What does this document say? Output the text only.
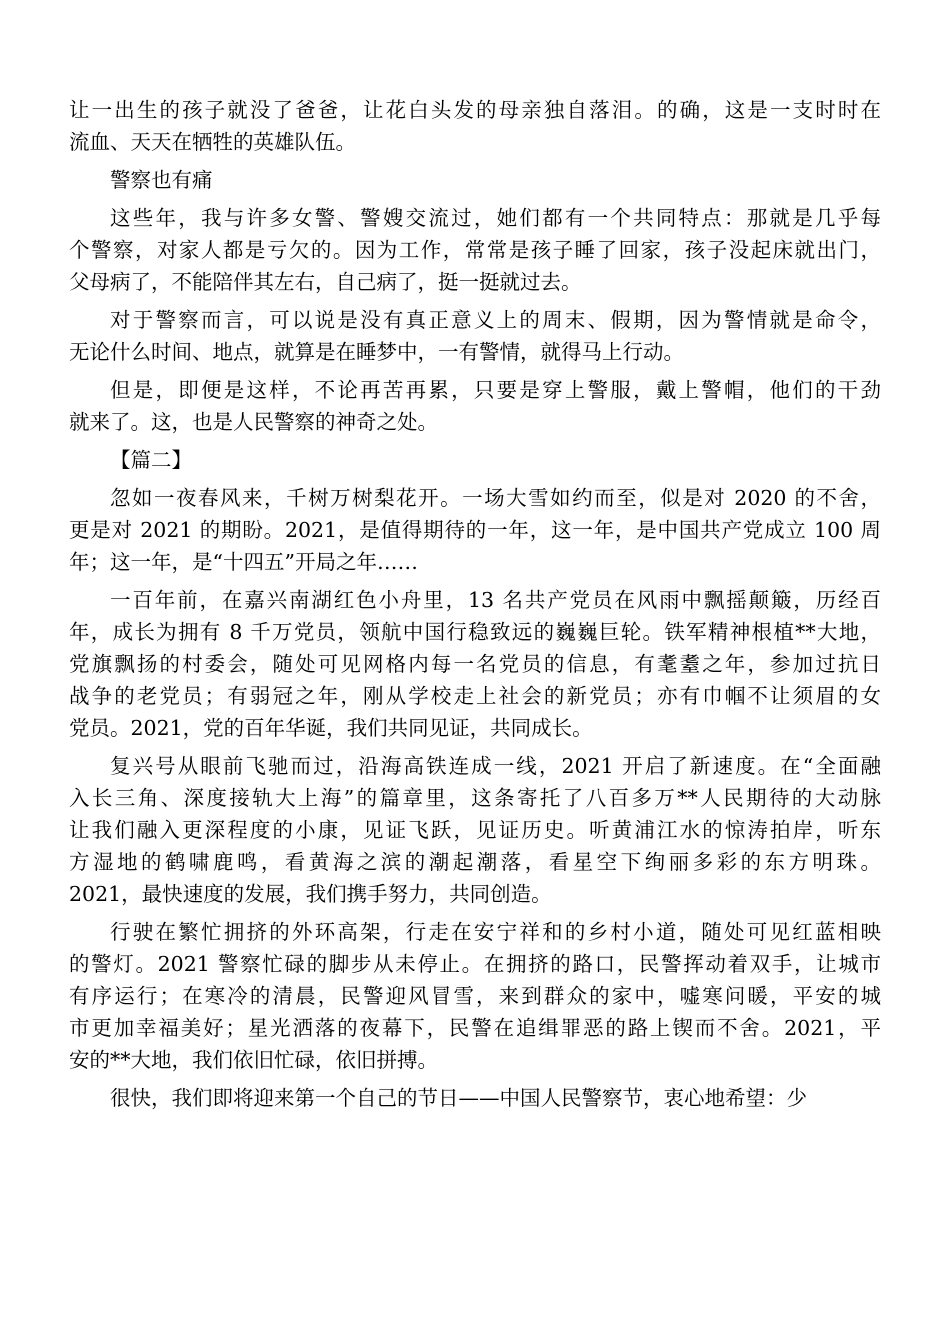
让一出生的孩子就没了爸爸，让花白头发的母亲独自落泪。的确，这是一支时时在
流血、天天在牺牲的英雄队伍。
警察也有痛
这些年，我与许多女警、警嫂交流过，她们都有一个共同特点：那就是几乎每
个警察，对家人都是亏欠的。因为工作，常常是孩子睡了回家，孩子没起床就出门，
父母病了，不能陪伴其左右，自己病了，挺一挺就过去。
对于警察而言，可以说是没有真正意义上的周末、假期，因为警情就是命令，
无论什么时间、地点，就算是在睡梦中，一有警情，就得马上行动。
但是，即便是这样，不论再苦再累，只要是穿上警服，戴上警帽，他们的干劲
就来了。这，也是人民警察的神奇之处。
【篇二】
忽如一夜春风来，千树万树梨花开。一场大雪如约而至，似是对 2020 的不舍，
更是对 2021 的期盼。2021，是值得期待的一年，这一年，是中国共产党成立 100 周
年；这一年，是“十四五”开局之年……
一百年前，在嘉兴南湖红色小舟里，13 名共产党员在风雨中飘摇颠簸，历经百
年，成长为拥有 8 千万党员，领航中国行稳致远的巍巍巨轮。铁军精神根植**大地，
党旗飘扬的村委会，随处可见网格内每一名党员的信息，有耄耋之年，参加过抗日
战争的老党员；有弱冠之年，刚从学校走上社会的新党员；亦有巾帼不让须眉的女
党员。2021，党的百年华诞，我们共同见证，共同成长。
复兴号从眼前飞驰而过，沿海高铁连成一线，2021 开启了新速度。在“全面融
入长三角、深度接轨大上海”的篇章里，这条寄托了八百多万**人民期待的大动脉
让我们融入更深程度的小康，见证飞跃，见证历史。听黄浦江水的惊涛拍岸，听东
方湿地的鹤啸鹿鸣，看黄海之滨的潮起潮落，看星空下绚丽多彩的东方明珠。
2021，最快速度的发展，我们携手努力，共同创造。
行驶在繁忙拥挤的外环高架，行走在安宁祥和的乡村小道，随处可见红蓝相映
的警灯。2021 警察忙碌的脚步从未停止。在拥挤的路口，民警挥动着双手，让城市
有序运行；在寒冷的清晨，民警迎风冒雪，来到群众的家中，嘘寒问暖，平安的城
市更加幸福美好；星光洒落的夜幕下，民警在追缉罪恶的路上锲而不舍。2021，平
安的**大地，我们依旧忙碌，依旧拼搏。
很快，我们即将迎来第一个自己的节日——中国人民警察节，衷心地希望：少
